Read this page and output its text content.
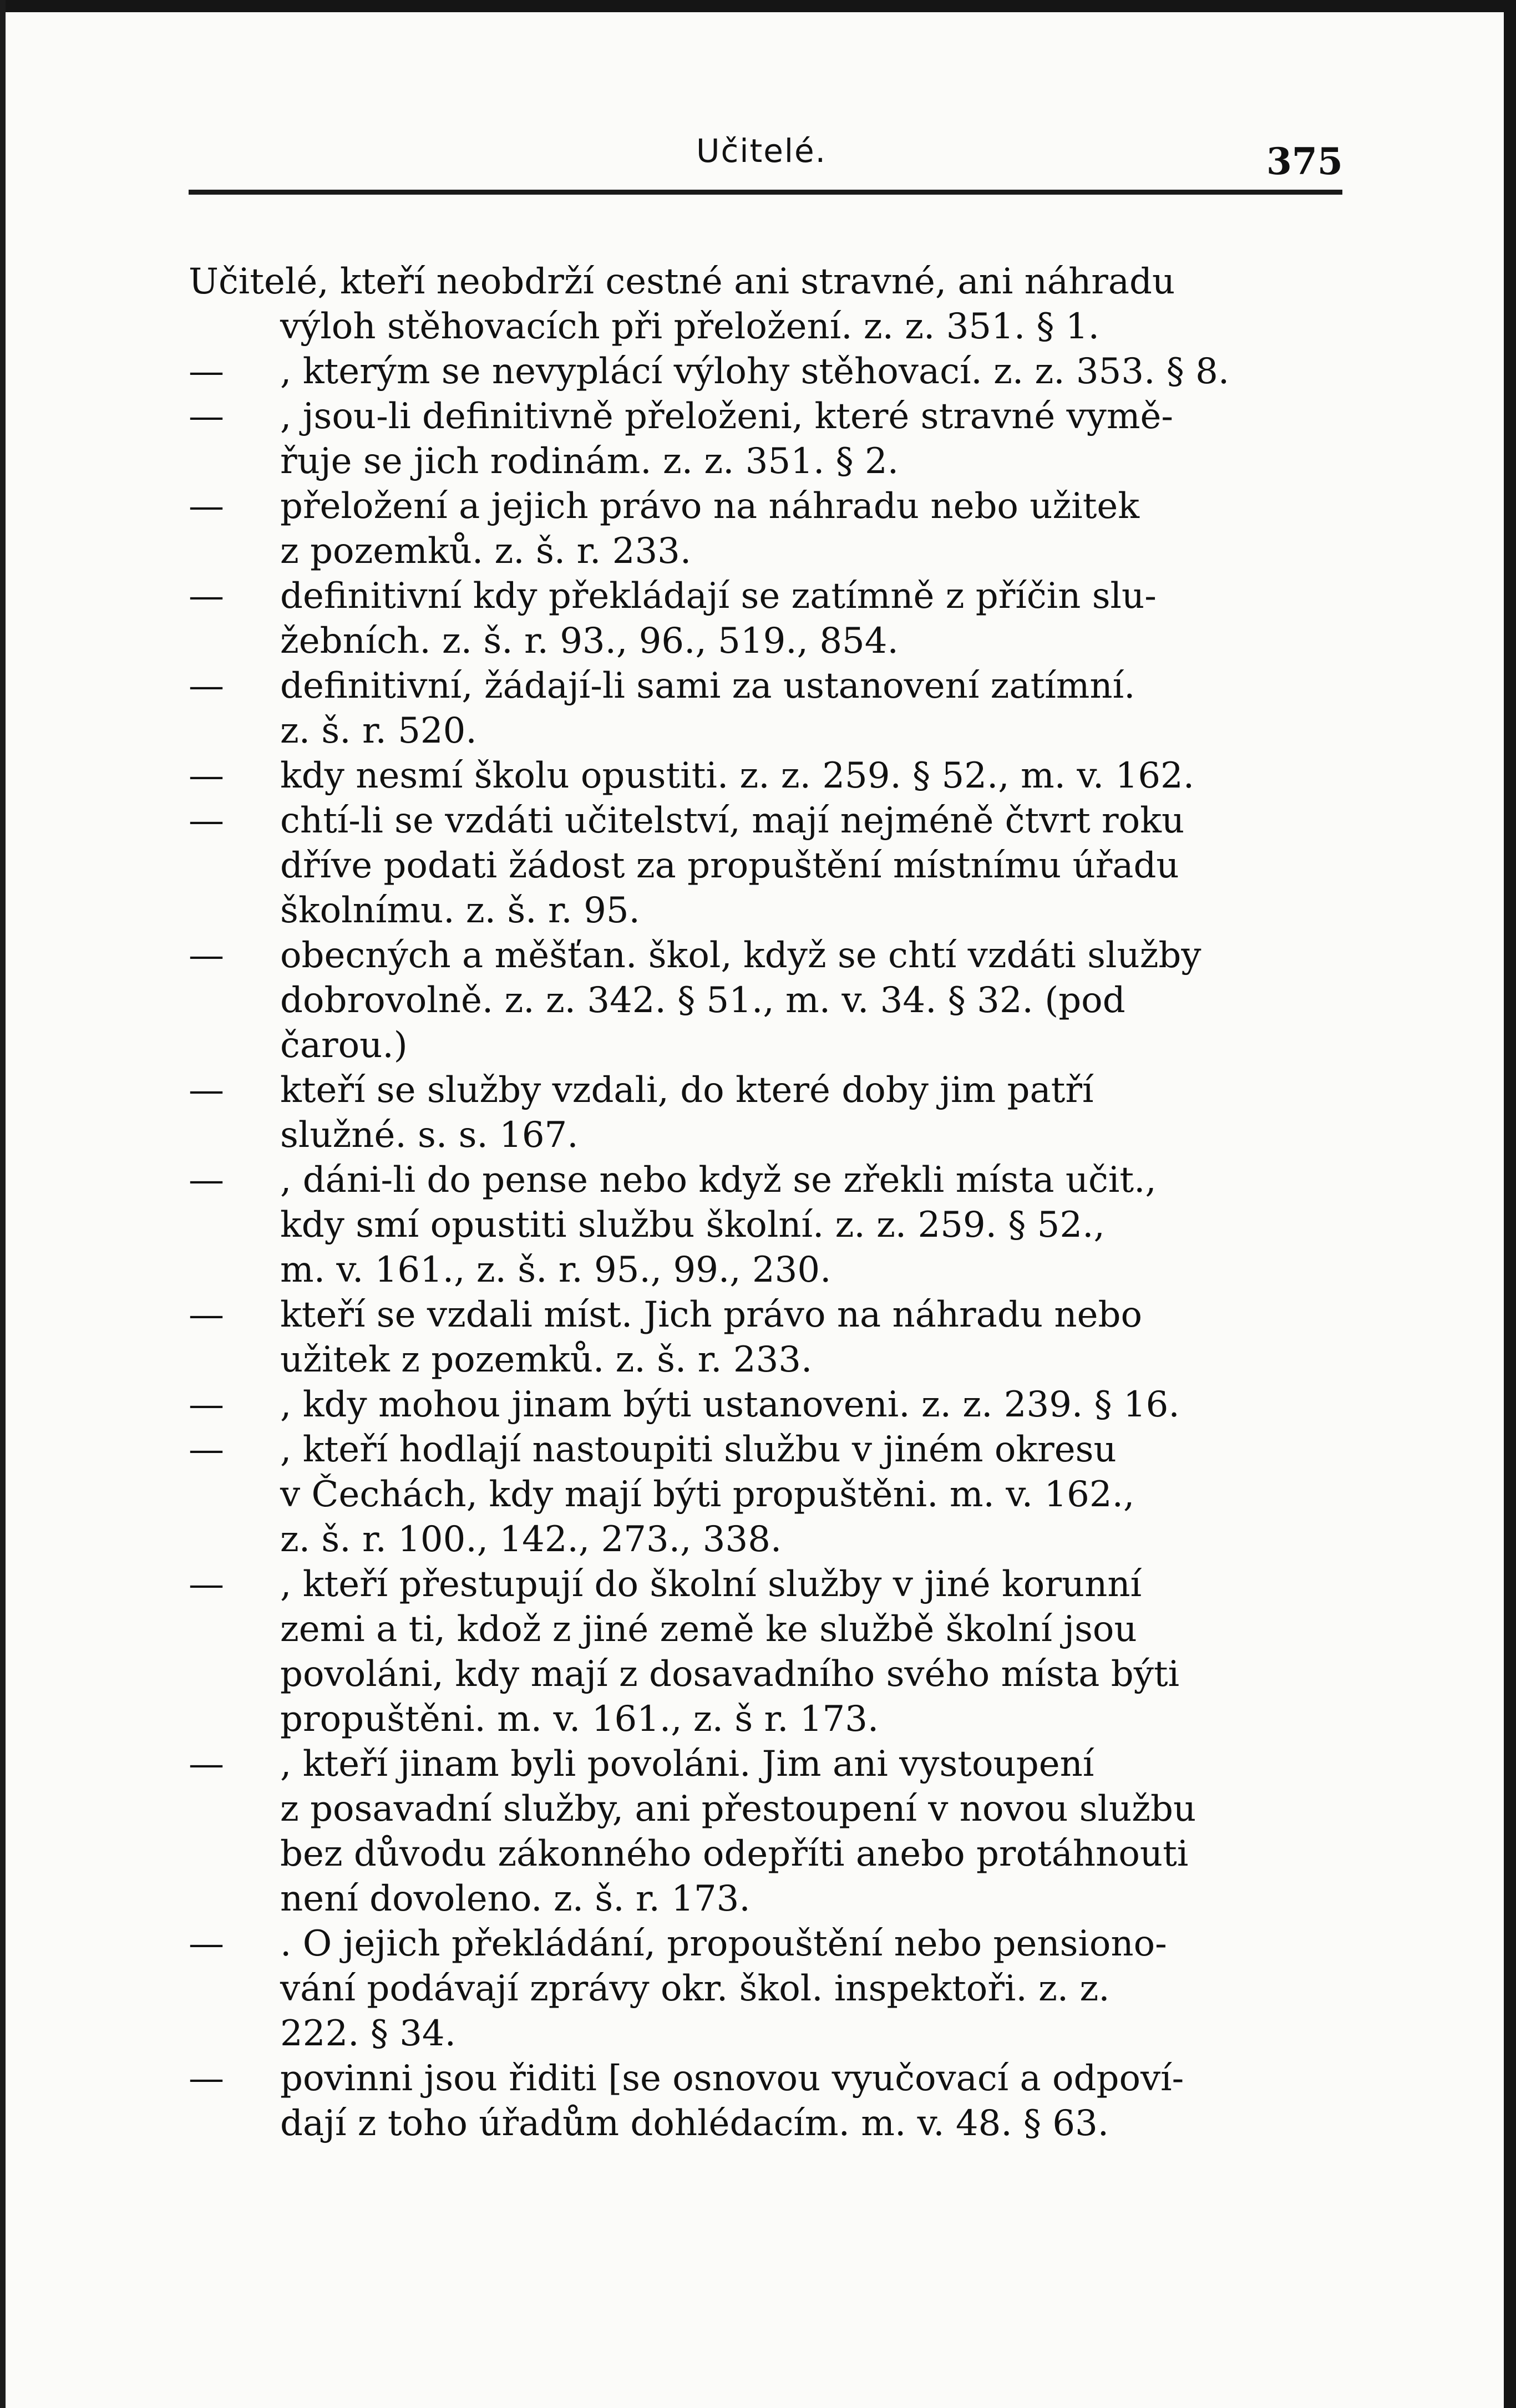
Učitelé.	375
Učitelé, kteří neobdrží cestné ani stravné, ani náhradu
výloh stěhovacích při přeložení. z. z. 351. § 1.
—	, kterým se nevyplácí výlohy stěhovací. z. z. 353. § 8.
—	, jsou-li definitivně přeloženi, které stravné vymě-
řuje se jich rodinám. z. z. 351. § 2.
—	přeložení a jejich právo na náhradu nebo užitek
z pozemků. z. š. r. 233.
—	definitivní kdy překládají se zatímně z příčin slu-
žebních. z. š. r. 93., 96., 519., 854.
—	definitivní, žádají-li sami za ustanovení zatímní.
z. š. r. 520.
—	kdy nesmí školu opustiti. z. z. 259. § 52., m. v. 162.
—	chtí-li se vzdáti učitelství, mají nejméně čtvrt roku
dříve podati žádost za propuštění místnímu úřadu
školnímu. z. š. r. 95.
—	obecných a měšťan. škol, když se chtí vzdáti služby
dobrovolně. z. z. 342. § 51., m. v. 34. § 32. (pod
čarou.)
—	kteří se služby vzdali, do které doby jim patří
služné. s. s. 167.
—	, dáni-li do pense nebo když se zřekli místa učit.,
kdy smí opustiti službu školní. z. z. 259. § 52.,
m. v. 161., z. š. r. 95., 99., 230.
—	kteří se vzdali míst. Jich právo na náhradu nebo
užitek z pozemků. z. š. r. 233.
—	, kdy mohou jinam býti ustanoveni. z. z. 239. § 16.
—	, kteří hodlají nastoupiti službu v jiném okresu
v Čechách, kdy mají býti propuštěni. m. v. 162.,
z. š. r. 100., 142., 273., 338.
—	, kteří přestupují do školní služby v jiné korunní
zemi a ti, kdož z jiné země ke službě školní jsou
povoláni, kdy mají z dosavadního svého místa býti
propuštěni. m. v. 161., z. š r. 173.
—	, kteří jinam byli povoláni. Jim ani vystoupení
z posavadní služby, ani přestoupení v novou službu
bez důvodu zákonného odepříti anebo protáhnouti
není dovoleno. z. š. r. 173.
—	. O jejich překládání, propouštění nebo pensiono-
vání podávají zprávy okr. škol. inspektoři. z. z.
222. § 34.
—	povinni jsou řiditi [se osnovou vyučovací a odpoví-
dají z toho úřadům dohlédacím. m. v. 48. § 63.
